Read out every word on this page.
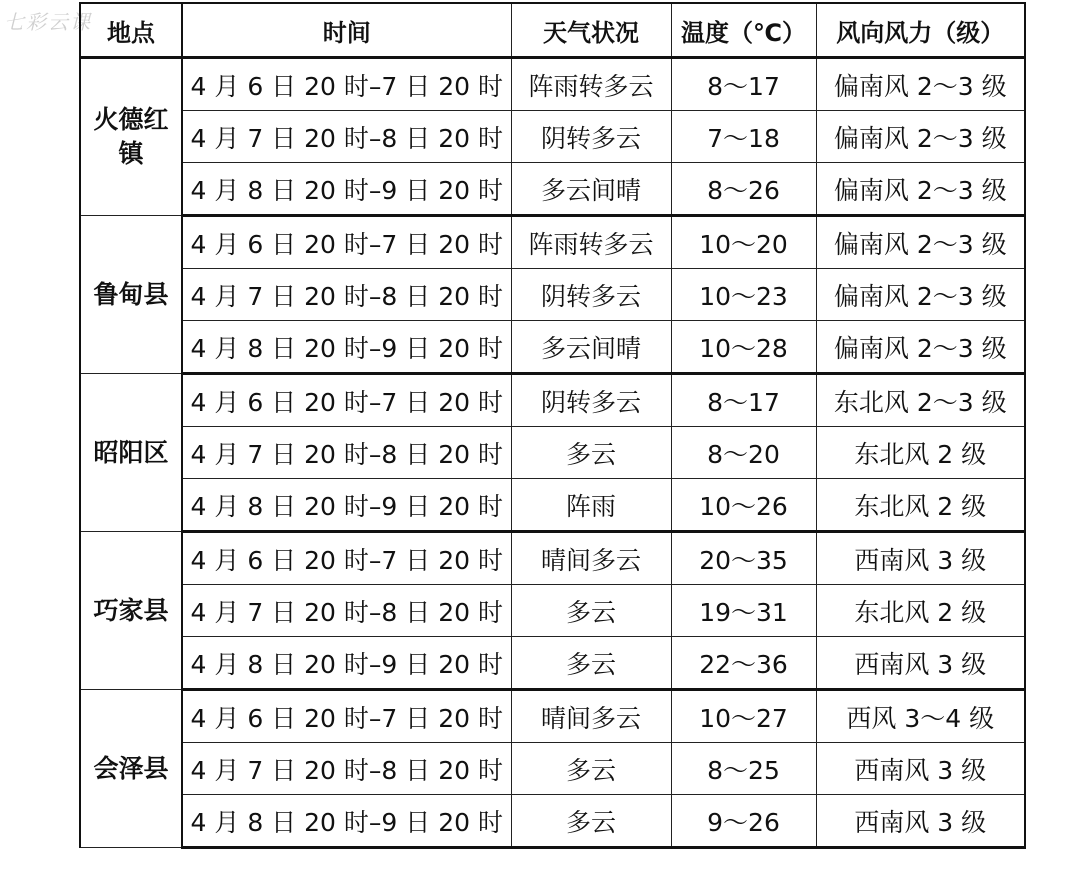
七彩云课 地点	时间	天气状况	温度（℃）	风向风力（级）
火德红镇	4 月 6 日 20 时–7 日 20 时	阵雨转多云	8～17	偏南风 2～3 级
	4 月 7 日 20 时–8 日 20 时	阴转多云	7～18	偏南风 2～3 级
	4 月 8 日 20 时–9 日 20 时	多云间晴	8～26	偏南风 2～3 级
鲁甸县	4 月 6 日 20 时–7 日 20 时	阵雨转多云	10～20	偏南风 2～3 级
	4 月 7 日 20 时–8 日 20 时	阴转多云	10～23	偏南风 2～3 级
	4 月 8 日 20 时–9 日 20 时	多云间晴	10～28	偏南风 2～3 级
昭阳区	4 月 6 日 20 时–7 日 20 时	阴转多云	8～17	东北风 2～3 级
	4 月 7 日 20 时–8 日 20 时	多云	8～20	东北风 2 级
	4 月 8 日 20 时–9 日 20 时	阵雨	10～26	东北风 2 级
巧家县	4 月 6 日 20 时–7 日 20 时	晴间多云	20～35	西南风 3 级
	4 月 7 日 20 时–8 日 20 时	多云	19～31	东北风 2 级
	4 月 8 日 20 时–9 日 20 时	多云	22～36	西南风 3 级
会泽县	4 月 6 日 20 时–7 日 20 时	晴间多云	10～27	西风 3～4 级
	4 月 7 日 20 时–8 日 20 时	多云	8～25	西南风 3 级
	4 月 8 日 20 时–9 日 20 时	多云	9～26	西南风 3 级
